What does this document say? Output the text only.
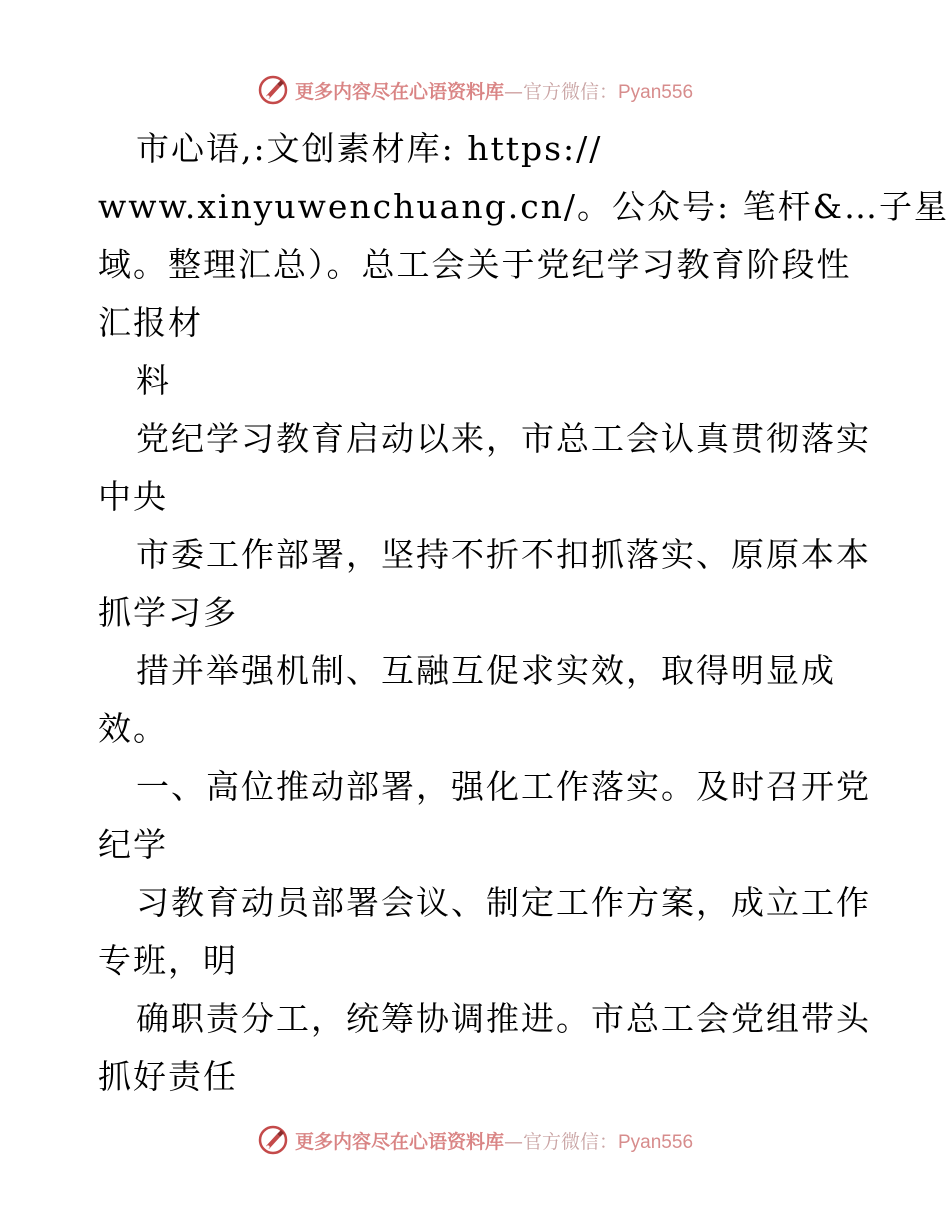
更多内容尽在心语资料库—官方微信：Pyan556
市心语,:文创素材库: https://
www.xinyuwenchuang.cn/。公众号: 笔杆&…子星
域。整理汇总）。总工会关于党纪学习教育阶段性
汇报材
料
党纪学习教育启动以来，市总工会认真贯彻落实
中央
市委工作部署，坚持不折不扣抓落实、原原本本
抓学习多
措并举强机制、互融互促求实效，取得明显成
效。
一、高位推动部署，强化工作落实。及时召开党
纪学
习教育动员部署会议、制定工作方案，成立工作
专班，明
确职责分工，统筹协调推进。市总工会党组带头
抓好责任
更多内容尽在心语资料库—官方微信：Pyan556
